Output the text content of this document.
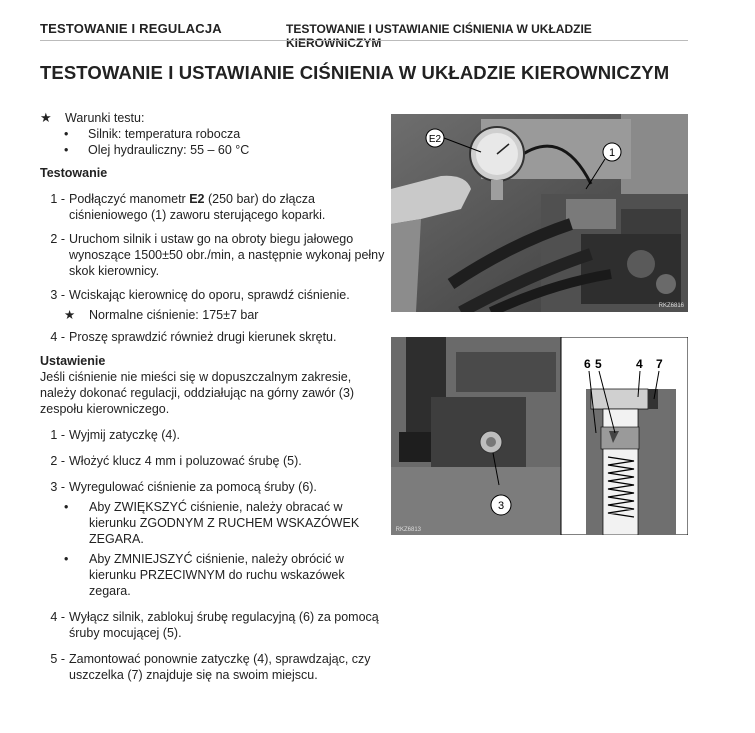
TESTOWANIE I REGULACJA	TESTOWANIE I USTAWIANIE CIŚNIENIA W UKŁADZIE KIEROWNICZYM
TESTOWANIE I USTAWIANIE CIŚNIENIA W UKŁADZIE KIEROWNICZYM
★	Warunki testu:
•	Silnik: temperatura robocza
•	Olej hydrauliczny: 55 – 60 °C
Testowanie
1 - Podłączyć manometr E2 (250 bar) do złącza ciśnieniowego (1) zaworu sterującego koparki.
2 - Uruchom silnik i ustaw go na obroty biegu jałowego wynoszące 1500±50 obr./min, a następnie wykonaj pełny skok kierownicy.
3 - Wciskając kierownicę do oporu, sprawdź ciśnienie.
★	Normalne ciśnienie: 175±7 bar
4 - Proszę sprawdzić również drugi kierunek skrętu.
Ustawienie
Jeśli ciśnienie nie mieści się w dopuszczalnym zakresie, należy dokonać regulacji, oddziałując na górny zawór (3) zespołu kierowniczego.
1 - Wyjmij zatyczkę (4).
2 - Włożyć klucz 4 mm i poluzować śrubę (5).
3 - Wyregulować ciśnienie za pomocą śruby (6).
•	Aby ZWIĘKSZYĆ ciśnienie, należy obracać w kierunku ZGODNYM Z RUCHEM WSKAZÓWEK ZEGARA.
•	Aby ZMNIEJSZYĆ ciśnienie, należy obrócić w kierunku PRZECIWNYM do ruchu wskazówek zegara.
4 - Wyłącz silnik, zablokuj śrubę regulacyjną (6) za pomocą śruby mocującej (5).
5 - Zamontować ponownie zatyczkę (4), sprawdzając, czy uszczelka (7) znajduje się na swoim miejscu.
E2
1
RKZ6816
3
RKZ6813
6 5	4 7
